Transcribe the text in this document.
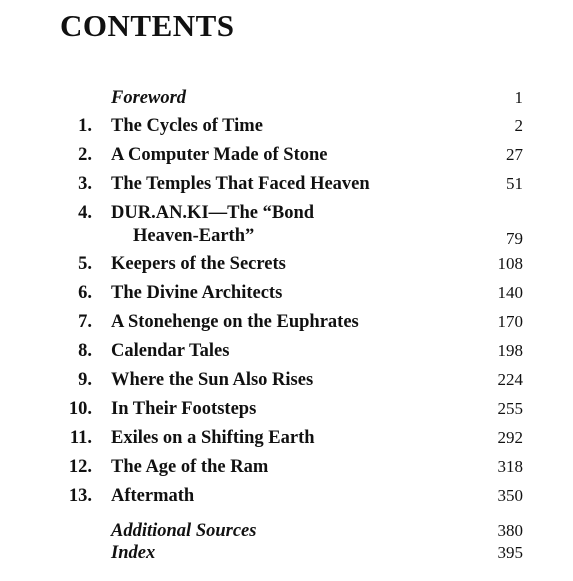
CONTENTS
Foreword	1
1. The Cycles of Time	2
2. A Computer Made of Stone	27
3. The Temples That Faced Heaven	51
4. DUR.AN.KI—The “Bond
Heaven-Earth”	79
5. Keepers of the Secrets	108
6. The Divine Architects	140
7. A Stonehenge on the Euphrates	170
8. Calendar Tales	198
9. Where the Sun Also Rises	224
10. In Their Footsteps	255
11. Exiles on a Shifting Earth	292
12. The Age of the Ram	318
13. Aftermath	350
Additional Sources	380
Index	395
